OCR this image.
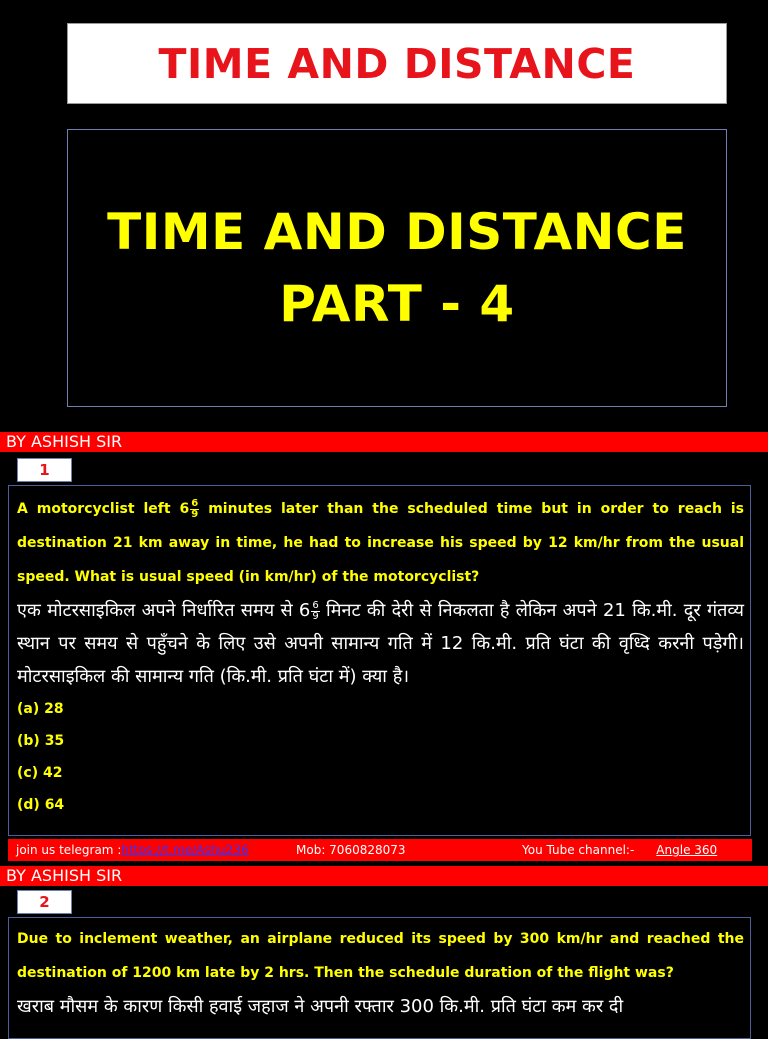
TIME AND DISTANCE
TIME AND DISTANCE
PART - 4
BY ASHISH SIR
1
A motorcyclist left $6 \frac{6}{9}$ minutes later than the scheduled time but in order to reach is destination 21 km away in time, he had to increase his speed by 12 km/hr from the usual speed. What is usual speed (in km/hr) of the motorcyclist?
एक मोटरसाइकिल अपने निर्धारित समय से $6 \frac{6}{9}$ मिनट की देरी से निकलता है लेकिन अपने 21 कि.मी. दूर गंतव्य स्थान पर समय से पहुँचने के लिए उसे अपनी सामान्य गति में 12 कि.मी. प्रति घंटा की वृध्दि करनी पड़ेगी। मोटरसाइकिल की सामान्य गति (कि.मी. प्रति घंटा में) क्या है।
(a) 28
(b) 35
(c) 42
(d) 64
join us telegram :https://t.me/Ashu236	Mob: 7060828073	You Tube channel:- Angle 360
BY ASHISH SIR
2
Due to inclement weather, an airplane reduced its speed by 300 km/hr and reached the destination of 1200 km late by 2 hrs. Then the schedule duration of the flight was?
खराब मौसम के कारण किसी हवाई जहाज ने अपनी रफ्तार 300 कि.मी. प्रति घंटा कम कर दी
